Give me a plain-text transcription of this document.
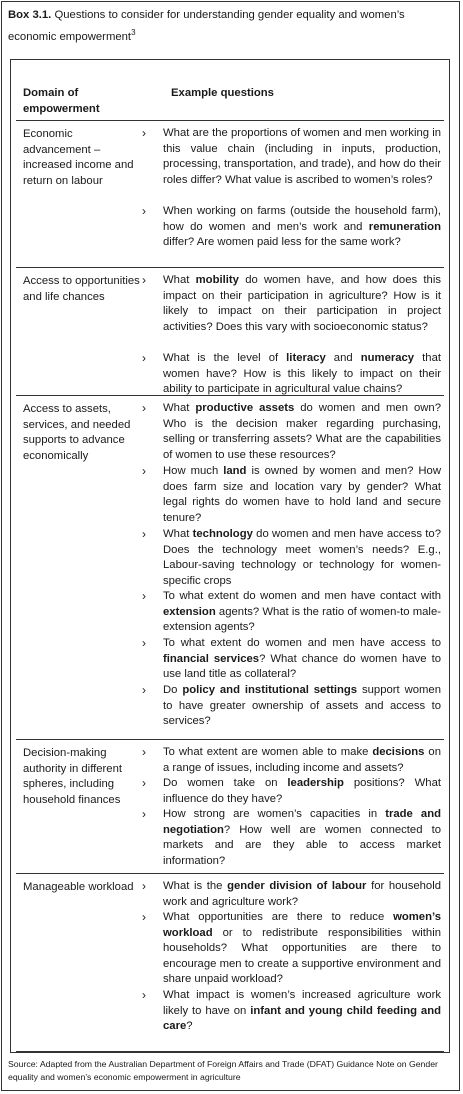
Box 3.1. Questions to consider for understanding gender equality and women’s economic empowerment$^3$
Domain of empowerment
Example questions
Economic advancement – increased income and return on labour
›	What are the proportions of women and men working in this value chain (including in inputs, production, processing, transportation, and trade), and how do their roles differ? What value is ascribed to women’s roles?
›	When working on farms (outside the household farm), how do women and men’s work and remuneration differ? Are women paid less for the same work?
Access to opportunities and life chances
›	What mobility do women have, and how does this impact on their participation in agriculture? How is it likely to impact on their participation in project activities? Does this vary with socioeconomic status?
›	What is the level of literacy and numeracy that women have? How is this likely to impact on their ability to participate in agricultural value chains?
Access to assets, services, and needed supports to advance economically
›	What productive assets do women and men own? Who is the decision maker regarding purchasing, selling or transferring assets? What are the capabilities of women to use these resources?
›	How much land is owned by women and men? How does farm size and location vary by gender? What legal rights do women have to hold land and secure tenure?
›	What technology do women and men have access to? Does the technology meet women’s needs? E.g., Labour-saving technology or technology for women-specific crops
›	To what extent do women and men have contact with extension agents? What is the ratio of women-to male-extension agents?
›	To what extent do women and men have access to financial services? What chance do women have to use land title as collateral?
›	Do policy and institutional settings support women to have greater ownership of assets and access to services?
Decision-making authority in different spheres, including household finances
›	To what extent are women able to make decisions on a range of issues, including income and assets?
›	Do women take on leadership positions? What influence do they have?
›	How strong are women’s capacities in trade and negotiation? How well are women connected to markets and are they able to access market information?
Manageable workload ›	What is the gender division of labour for household work and agriculture work?
›	What opportunities are there to reduce women’s workload or to redistribute responsibilities within households? What opportunities are there to encourage men to create a supportive environment and share unpaid workload?
›	What impact is women’s increased agriculture work likely to have on infant and young child feeding and care?
Source: Adapted from the Australian Department of Foreign Affairs and Trade (DFAT) Guidance Note on Gender equality and women’s economic empowerment in agriculture
